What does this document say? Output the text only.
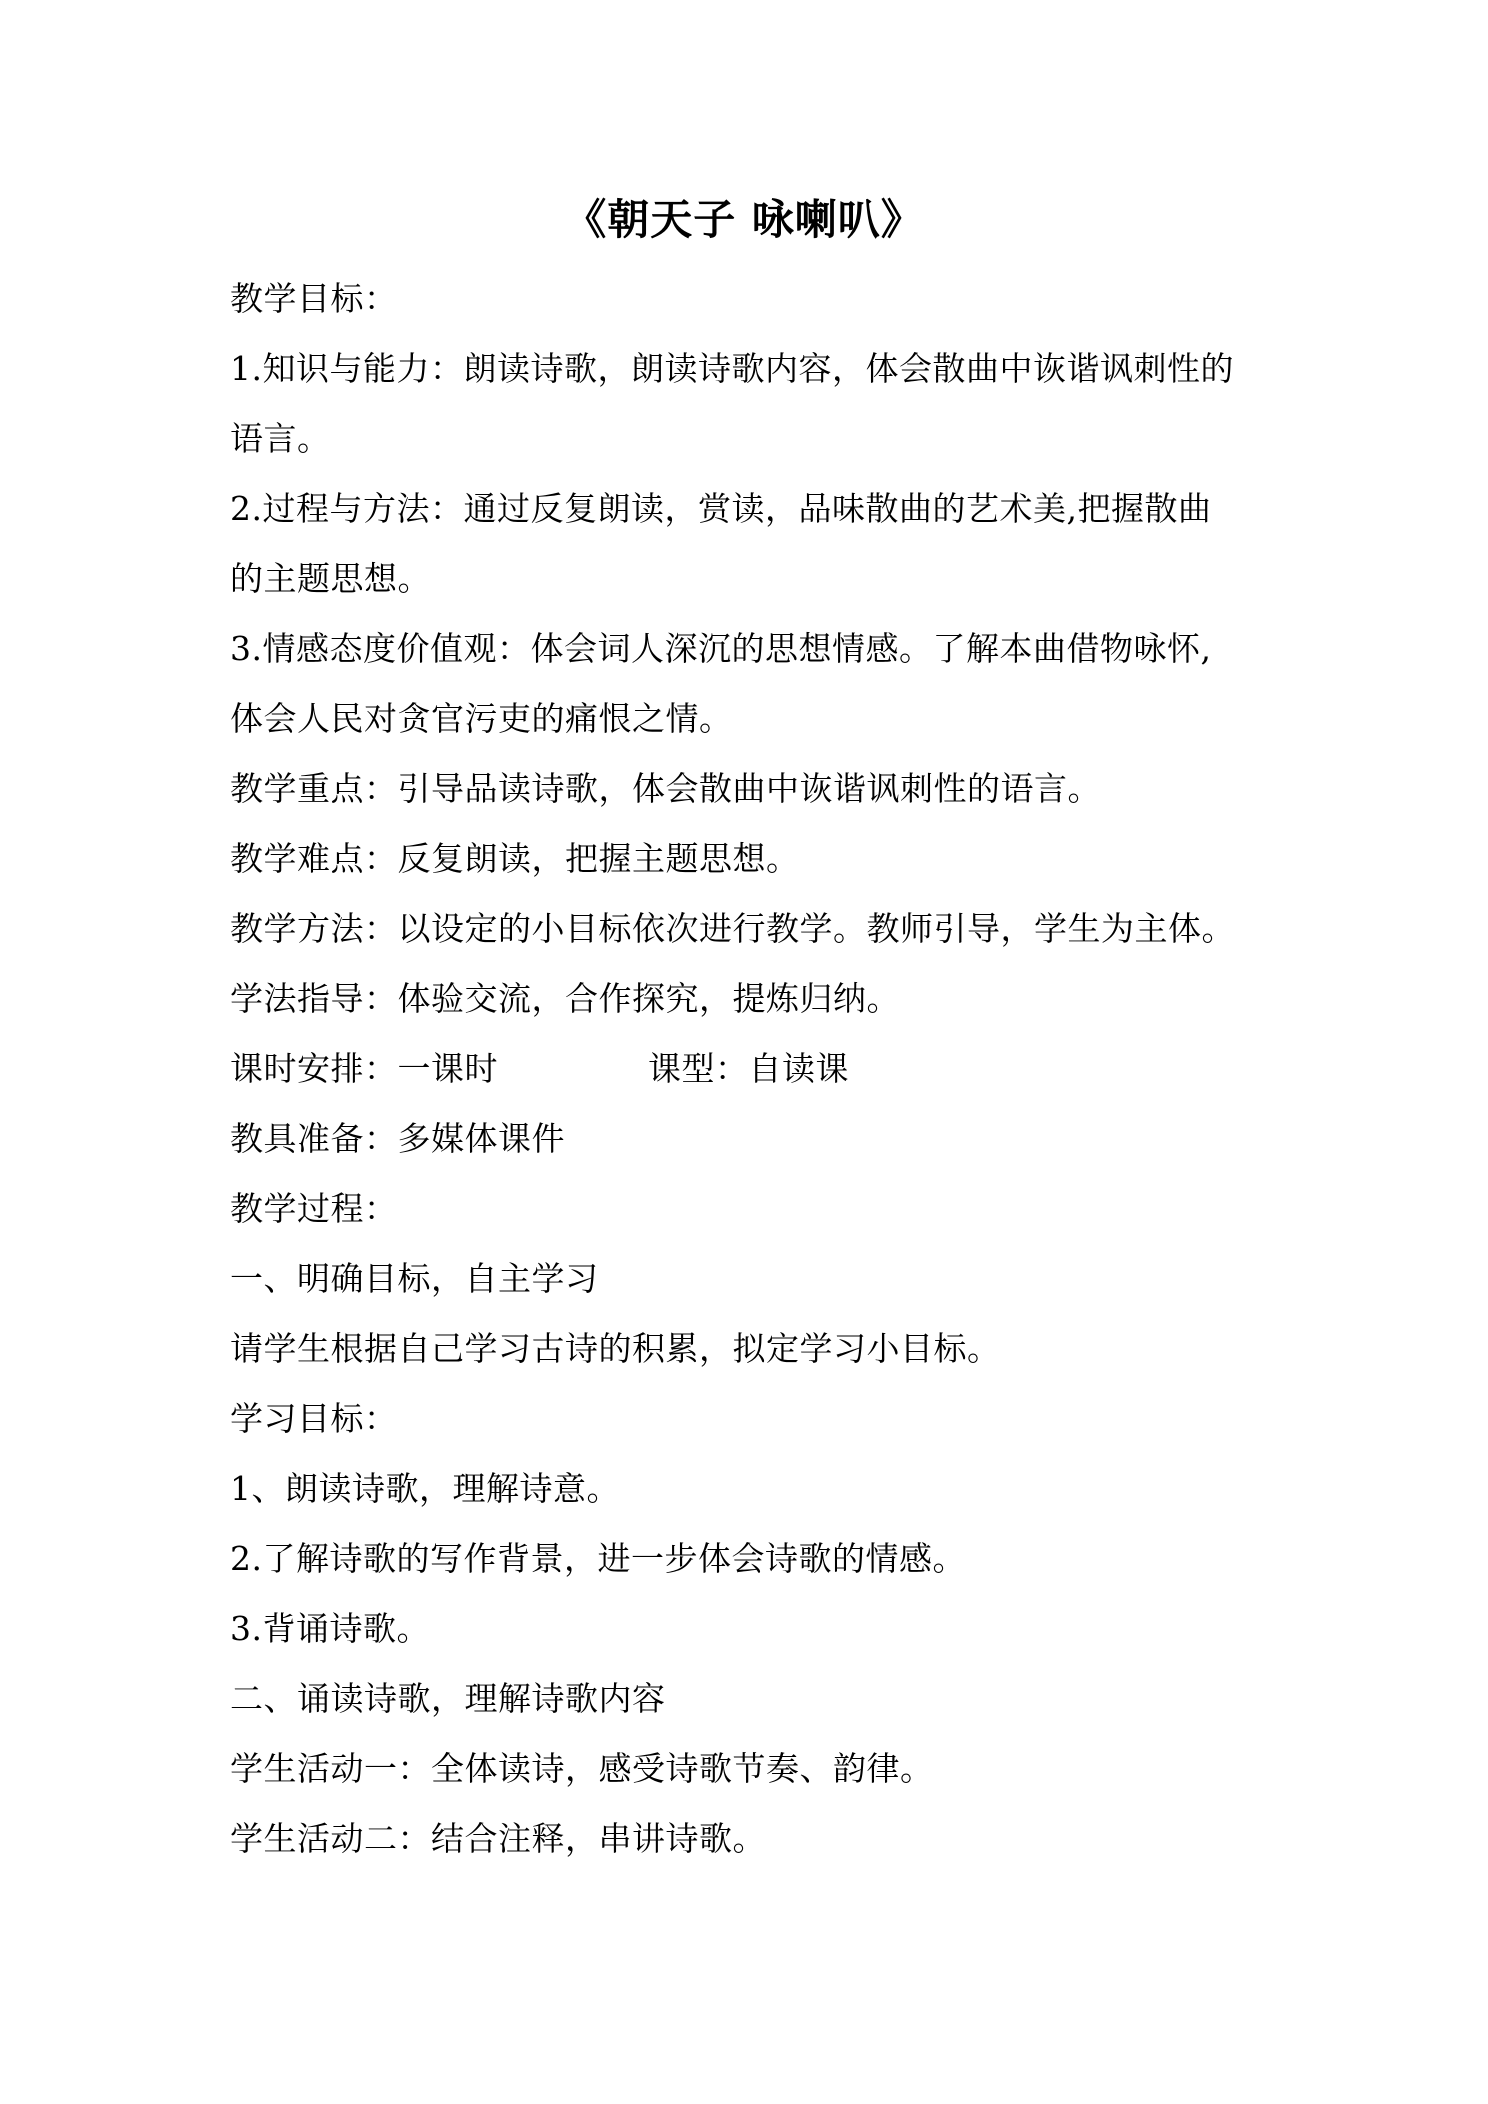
《朝天子 咏喇叭》
教学目标：
1.知识与能力：朗读诗歌，朗读诗歌内容，体会散曲中诙谐讽刺性的
语言。
2.过程与方法：通过反复朗读，赏读，品味散曲的艺术美,把握散曲
的主题思想。
3.情感态度价值观：体会词人深沉的思想情感。了解本曲借物咏怀,
体会人民对贪官污吏的痛恨之情。
教学重点：引导品读诗歌，体会散曲中诙谐讽刺性的语言。
教学难点：反复朗读，把握主题思想。
教学方法：以设定的小目标依次进行教学。教师引导，学生为主体。
学法指导：体验交流，合作探究，提炼归纳。
课时安排：一课时	课型：自读课
教具准备：多媒体课件
教学过程：
一、明确目标，自主学习
请学生根据自己学习古诗的积累，拟定学习小目标。
学习目标：
1、朗读诗歌，理解诗意。
2.了解诗歌的写作背景，进一步体会诗歌的情感。
3.背诵诗歌。
二、诵读诗歌，理解诗歌内容
学生活动一：全体读诗，感受诗歌节奏、韵律。
学生活动二：结合注释，串讲诗歌。
